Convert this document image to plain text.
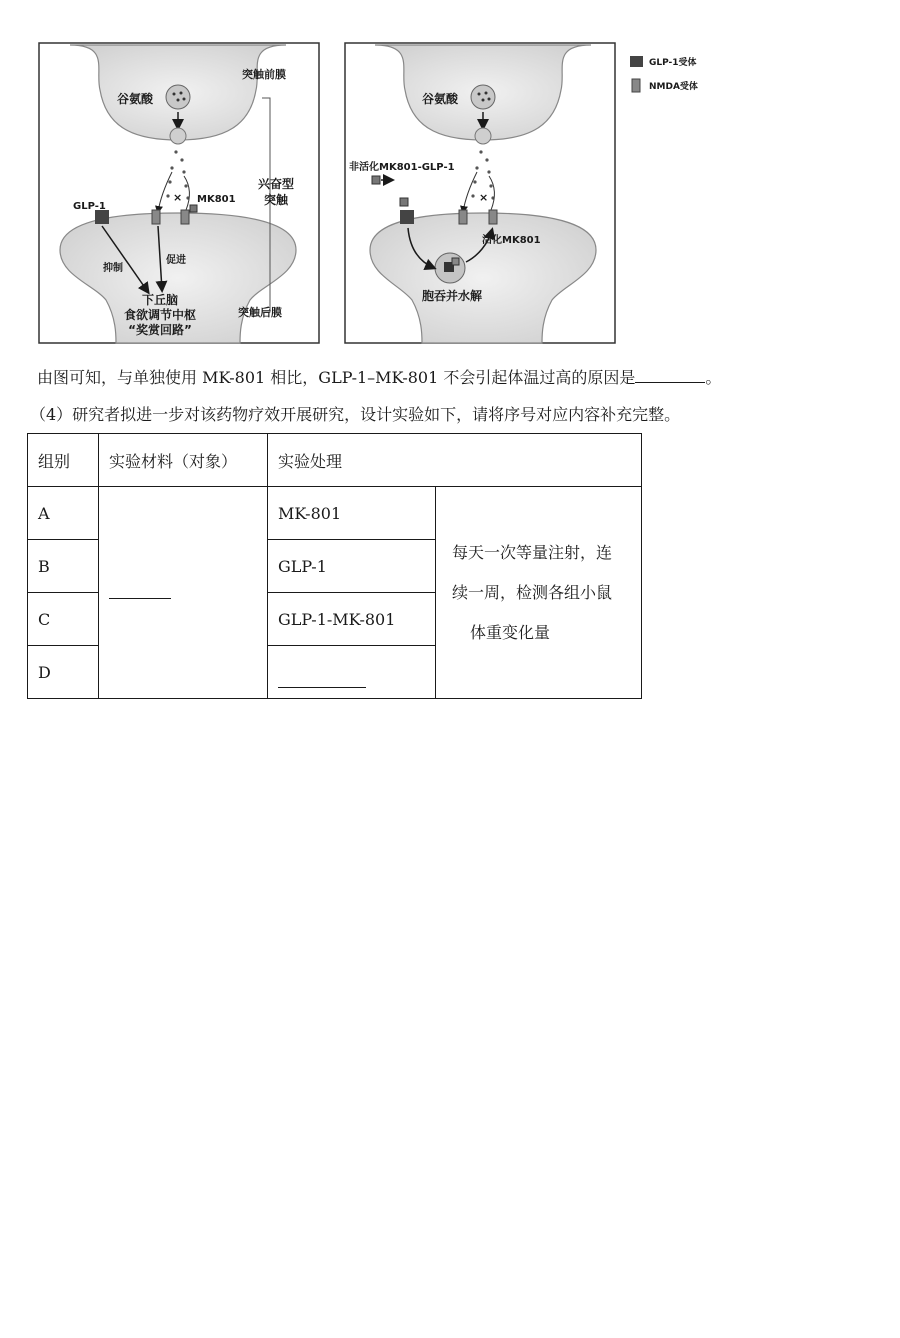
×
谷氨酸
突触前膜
兴奋型
突触
GLP-1
MK801
抑制
促进
下丘脑
食欲调节中枢
“奖赏回路”
突触后膜
×
谷氨酸
非活化MK801-GLP-1
活化MK801
胞吞并水解
GLP-1受体
NMDA受体
由图可知，与单独使用 MK-801 相比，GLP-1–MK-801 不会引起体温过高的原因是	。
（4）研究者拟进一步对该药物疗效开展研究，设计实验如下，请将序号对应内容补充完整。
组别	实验材料（对象）	实验处理	
A		MK-801	每天一次等量注射，连
续一周，检测各组小鼠
体重变化量

B		GLP-1	
C		GLP-1-MK-801	
D			
